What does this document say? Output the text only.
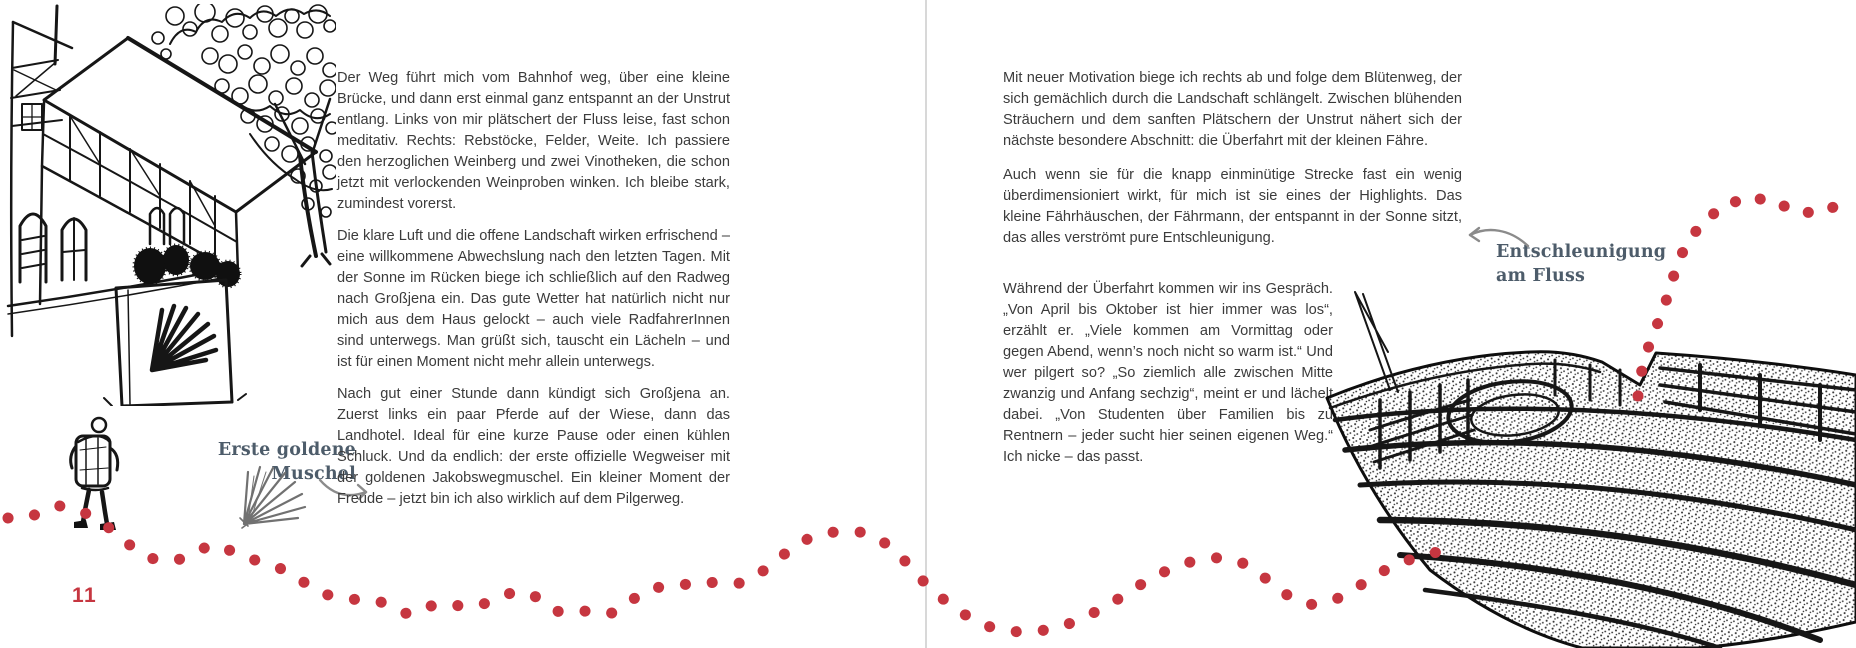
Erste goldene
Muschel
11

Der Weg führt mich vom Bahnhof weg, über eine kleine Brücke, und dann erst einmal ganz entspannt an der Unstrut entlang. Links von mir plätschert der Fluss leise, fast schon meditativ. Rechts: Rebstöcke, Felder, Weite. Ich passiere den herzoglichen Weinberg und zwei Vinotheken, die schon jetzt mit verlockenden Weinproben winken. Ich bleibe stark, zumindest vorerst.

Die klare Luft und die offene Landschaft wirken erfrischend – eine willkommene Abwechslung nach den letzten Tagen. Mit der Sonne im Rücken biege ich schließlich auf den Radweg nach Großjena ein. Das gute Wetter hat natürlich nicht nur mich aus dem Haus gelockt – auch viele RadfahrerInnen sind unterwegs. Man grüßt sich, tauscht ein Lächeln – und ist für einen Moment nicht mehr allein unterwegs.

Nach gut einer Stunde dann kündigt sich Großjena an. Zuerst links ein paar Pferde auf der Wiese, dann das Landhotel. Ideal für eine kurze Pause oder einen kühlen Schluck. Und da endlich: der erste offizielle Wegweiser mit der goldenen Jakobswegmuschel. Ein kleiner Moment der Freude – jetzt bin ich also wirklich auf dem Pilgerweg.

Mit neuer Motivation biege ich rechts ab und folge dem Blütenweg, der sich gemächlich durch die Landschaft schlängelt. Zwischen blühenden Sträuchern und dem sanften Plätschern der Unstrut nähert sich der nächste besondere Abschnitt: die Überfahrt mit der kleinen Fähre.

Auch wenn sie für die knapp einminütige Strecke fast ein wenig überdimensioniert wirkt, für mich ist sie eines der Highlights. Das kleine Fährhäuschen, der Fährmann, der entspannt in der Sonne sitzt, das alles verströmt pure Entschleunigung.

Während der Überfahrt kommen wir ins Gespräch. „Von April bis Oktober ist hier immer was los“, erzählt er. „Viele kommen am Vormittag oder gegen Abend, wenn’s noch nicht so warm ist.“ Und wer pilgert so? „So ziemlich alle zwischen Mitte zwanzig und Anfang sechzig“, meint er und lächelt dabei. „Von Studenten über Familien bis zu Rentnern – jeder sucht hier seinen eigenen Weg.“ Ich nicke – das passt.

Entschleunigung
am Fluss
